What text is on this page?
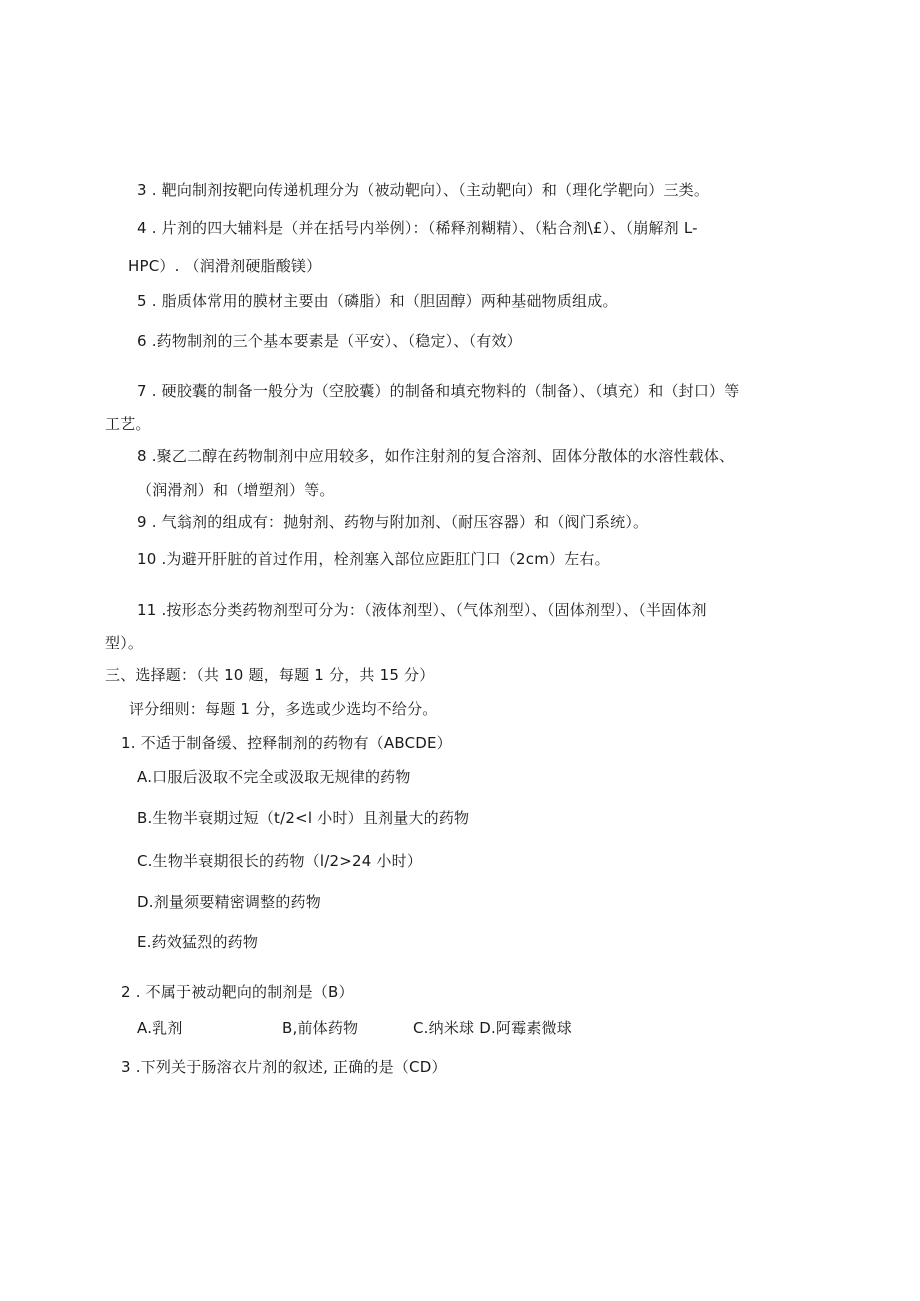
3 . 靶向制剂按靶向传递机理分为（被动靶向）、（主动靶向）和（理化学靶向）三类。
4 . 片剂的四大辅料是（并在括号内举例）：（稀释剂糊精）、（粘合剂\£）、（崩解剂 L-
HPC）. （润滑剂硬脂酸镁）
5 . 脂质体常用的膜材主要由（磷脂）和（胆固醇）两种基础物质组成。
6 .药物制剂的三个基本要素是（平安）、（稳定）、（有效）
7 . 硬胶囊的制备一般分为（空胶囊）的制备和填充物料的（制备）、（填充）和（封口）等
工艺。
8 .聚乙二醇在药物制剂中应用较多，如作注射剂的复合溶剂、固体分散体的水溶性载体、
（润滑剂）和（增塑剂）等。
9 . 气翁剂的组成有：抛射剂、药物与附加剂、（耐压容器）和（阀门系统）。
10 .为避开肝脏的首过作用，栓剂塞入部位应距肛门口（2cm）左右。
11 .按形态分类药物剂型可分为：（液体剂型）、（气体剂型）、（固体剂型）、（半固体剂
型）。
三、选择题：（共 10 题，每题 1 分，共 15 分）
评分细则：每题 1 分，多选或少选均不给分。
1. 不适于制备缓、控释制剂的药物有（ABCDE）
A.口服后汲取不完全或汲取无规律的药物
B.生物半衰期过短（t/2<l 小时）且剂量大的药物
C.生物半衰期很长的药物（l/2>24 小时）
D.剂量须要精密调整的药物
E.药效猛烈的药物
2 . 不属于被动靶向的制剂是（B）
A.乳剂	B,前体药物	C.纳米球 D.阿霉素微球
3 .下列关于肠溶衣片剂的叙述, 正确的是（CD）
